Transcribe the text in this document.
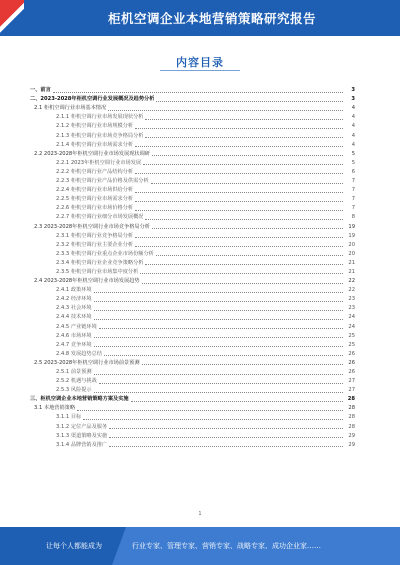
柜机空调企业本地营销策略研究报告
内容目录
一、前言	3
二、2023-2028年柜机空调行业发展概况及趋势分析	3
2.1 柜机空调行业市场基本情况	4
2.1.1 柜机空调行业市场发展现状分析	4
2.1.2 柜机空调行业市场规模分析	4
2.1.3 柜机空调行业市场竞争格局分析	4
2.1.4 柜机空调行业市场需求分析	4
2.2 2023-2028年柜机空调行业市场发展现状调研	5
2.2.1 2023年柜机空调行业市场发展	5
2.2.2 柜机空调行业产品结构分析	6
2.2.3 柜机空调行业产品价格及供需分析	7
2.2.4 柜机空调行业市场供给分析	7
2.2.5 柜机空调行业市场需求分析	7
2.2.6 柜机空调行业市场价格分析	7
2.2.7 柜机空调行业细分市场发展概况	8
2.3 2023-2028年柜机空调行业市场竞争格局分析	19
2.3.1 柜机空调行业竞争格局分析	19
2.3.2 柜机空调行业主要企业分析	20
2.3.3 柜机空调行业重点企业市场份额分析	20
2.3.4 柜机空调行业企业竞争策略分析	21
2.3.5 柜机空调行业市场集中度分析	21
2.4 2023-2028年柜机空调行业市场发展趋势	22
2.4.1 政策环境	22
2.4.2 经济环境	23
2.4.3 社会环境	23
2.4.4 技术环境	24
2.4.5 产业链环境	24
2.4.6 市场环境	25
2.4.7 竞争环境	25
2.4.8 发展趋势总结	26
2.5 2023-2028年柜机空调行业市场前景预测	26
2.5.1 前景预测	26
2.5.2 机遇与挑战	27
2.5.3 风险提示	27
三、柜机空调企业本地营销策略方案及实施	28
3.1 本地营销策略	28
3.1.1 目标	28
3.1.2 定位产品及服务	28
3.1.3 渠道策略及实施	29
3.1.4 品牌营销及推广	29
1
让每个人都能成为	行业专家、管理专家、营销专家、战略专家、成功企业家……
